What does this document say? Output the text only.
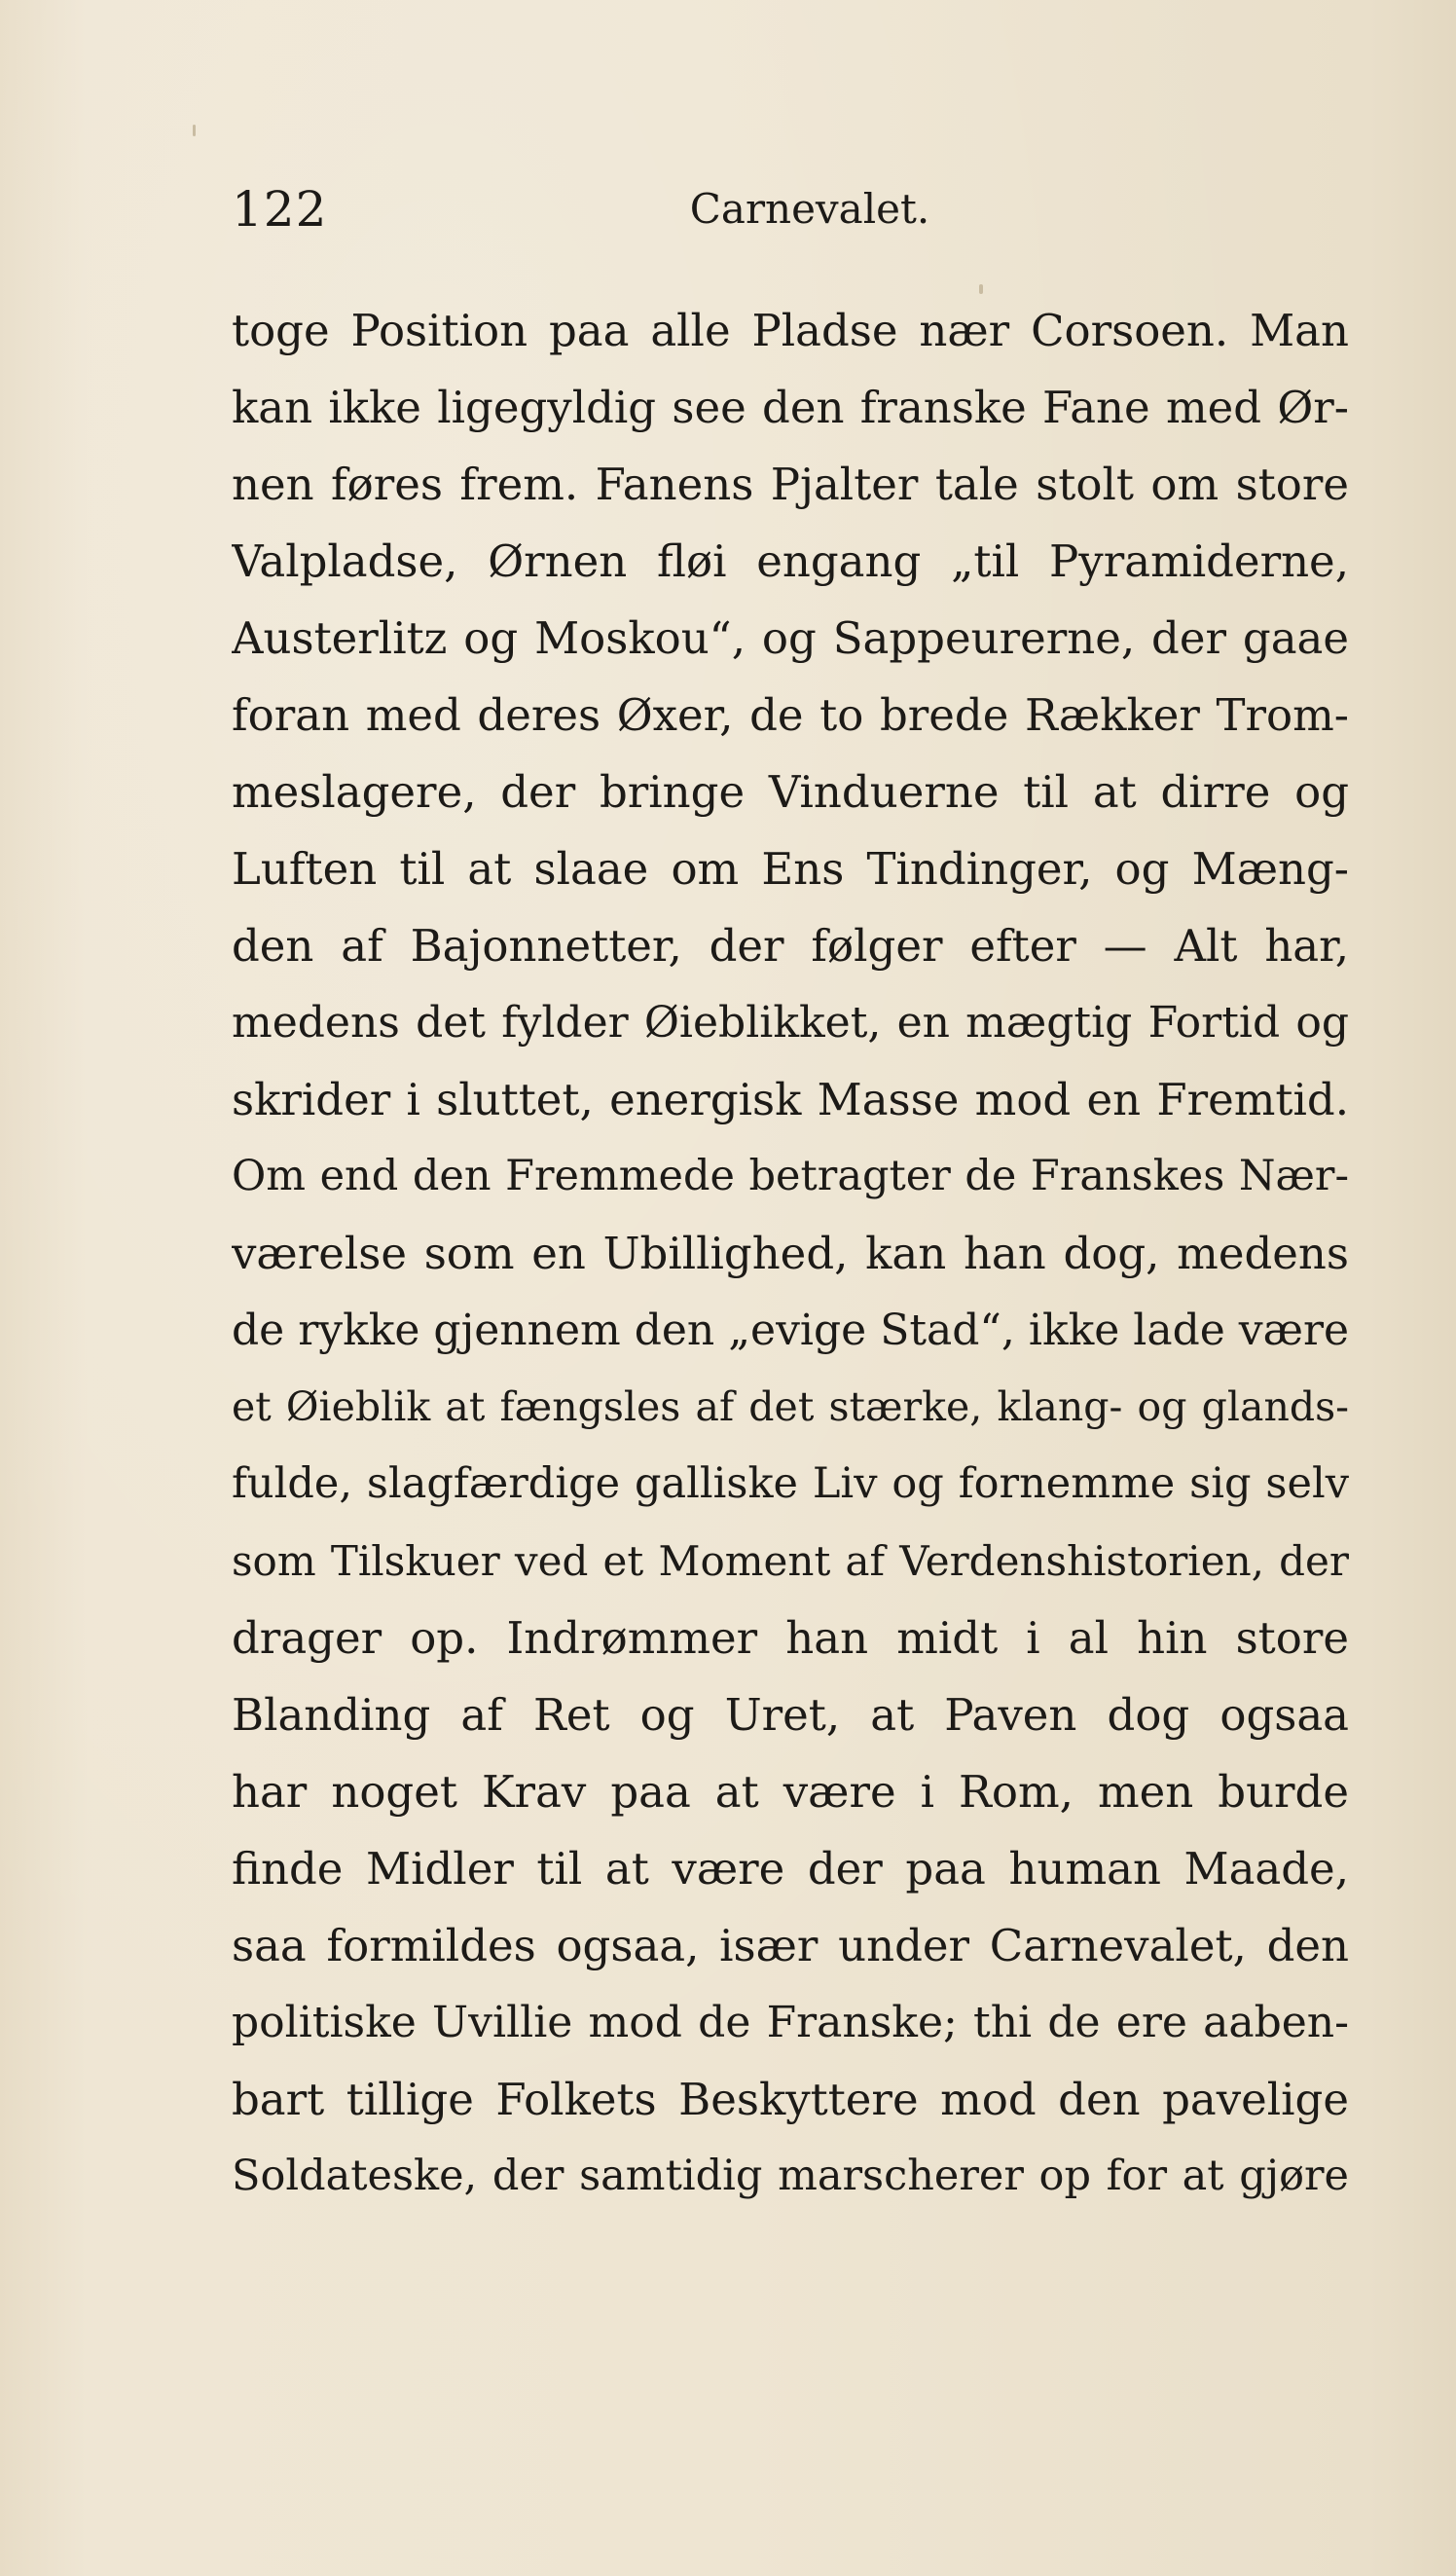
122	Carnevalet.
toge Position paa alle Pladse nær Corsoen. Man
kan ikke ligegyldig see den franske Fane med Ør-
nen føres frem. Fanens Pjalter tale stolt om store
Valpladse, Ørnen fløi engang „til Pyramiderne,
Austerlitz og Moskou“, og Sappeurerne, der gaae
foran med deres Øxer, de to brede Rækker Trom-
meslagere, der bringe Vinduerne til at dirre og
Luften til at slaae om Ens Tindinger, og Mæng-
den af Bajonnetter, der følger efter — Alt har,
medens det fylder Øieblikket, en mægtig Fortid og
skrider i sluttet, energisk Masse mod en Fremtid.
Om end den Fremmede betragter de Franskes Nær-
værelse som en Ubillighed, kan han dog, medens
de rykke gjennem den „evige Stad“, ikke lade være
et Øieblik at fængsles af det stærke, klang- og glands-
fulde, slagfærdige galliske Liv og fornemme sig selv
som Tilskuer ved et Moment af Verdenshistorien, der
drager op. Indrømmer han midt i al hin store
Blanding af Ret og Uret, at Paven dog ogsaa
har noget Krav paa at være i Rom, men burde
finde Midler til at være der paa human Maade,
saa formildes ogsaa, især under Carnevalet, den
politiske Uvillie mod de Franske; thi de ere aaben-
bart tillige Folkets Beskyttere mod den pavelige
Soldateske, der samtidig marscherer op for at gjøre
